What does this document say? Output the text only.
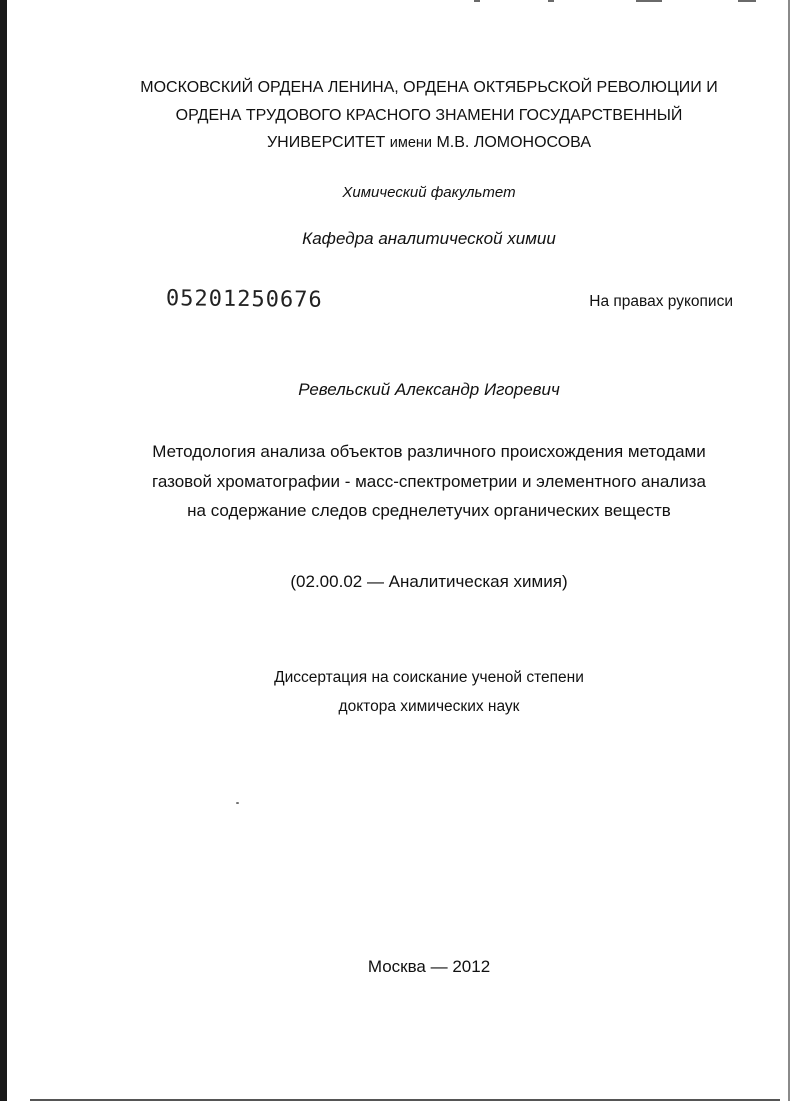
МОСКОВСКИЙ ОРДЕНА ЛЕНИНА, ОРДЕНА ОКТЯБРЬСКОЙ РЕВОЛЮЦИИ И
ОРДЕНА ТРУДОВОГО КРАСНОГО ЗНАМЕНИ ГОСУДАРСТВЕННЫЙ
УНИВЕРСИТЕТ имени М.В. ЛОМОНОСОВА
Химический факультет
Кафедра аналитической химии
05201250676	На правах рукописи
Ревельский Александр Игоревич
Методология анализа объектов различного происхождения методами
газовой хроматографии - масс-спектрометрии и элементного анализа
на содержание следов среднелетучих органических веществ
(02.00.02 — Аналитическая химия)
Диссертация на соискание ученой степени
доктора химических наук
Москва — 2012
